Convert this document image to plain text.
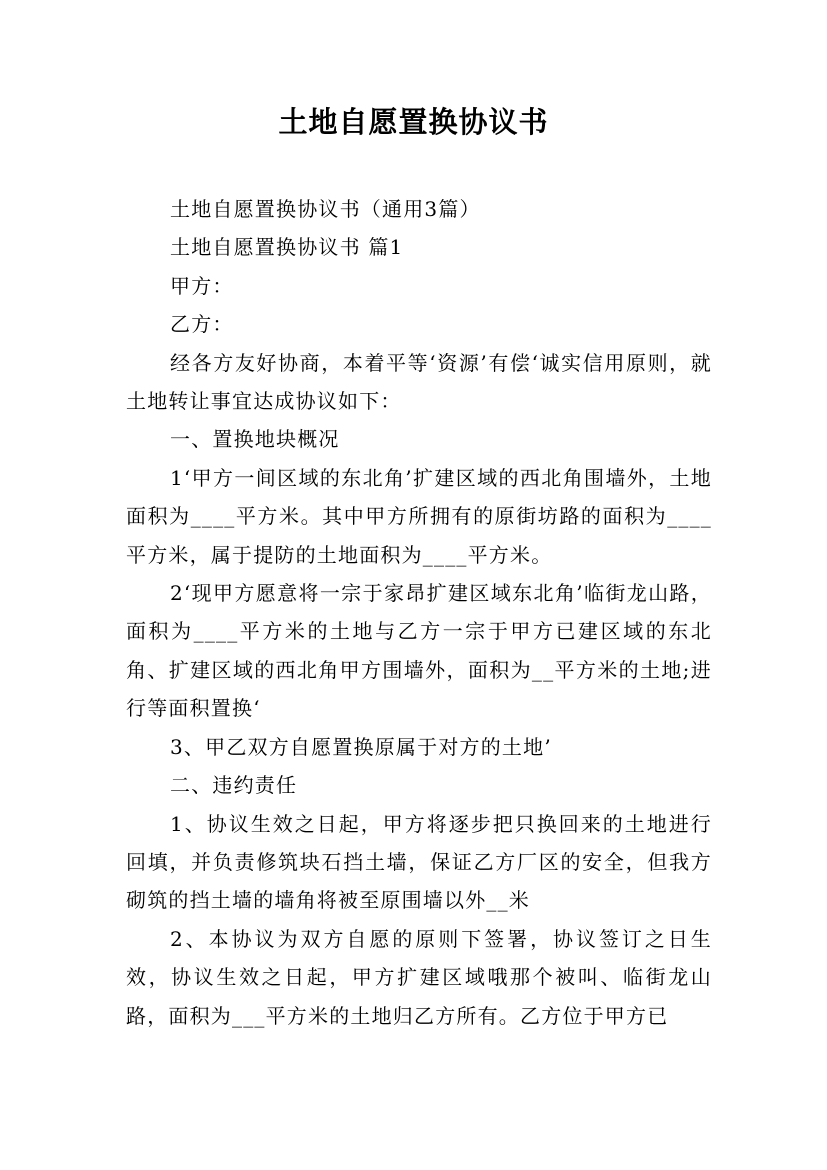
土地自愿置换协议书

土地自愿置换协议书（通用3篇）

土地自愿置换协议书 篇1

甲方：

乙方：

经各方友好协商，本着平等‘资源’有偿‘诚实信用原则，就土地转让事宜达成协议如下：

一、置换地块概况

1‘甲方一间区域的东北角’扩建区域的西北角围墙外，土地面积为____平方米。其中甲方所拥有的原街坊路的面积为____平方米，属于提防的土地面积为____平方米。

2‘现甲方愿意将一宗于家昂扩建区域东北角’临街龙山路，面积为____平方米的土地与乙方一宗于甲方已建区域的东北角、扩建区域的西北角甲方围墙外，面积为__平方米的土地;进行等面积置换‘

3、甲乙双方自愿置换原属于对方的土地’

二、违约责任

1、协议生效之日起，甲方将逐步把只换回来的土地进行回填，并负责修筑块石挡土墙，保证乙方厂区的安全，但我方砌筑的挡土墙的墙角将被至原围墙以外__米

2、本协议为双方自愿的原则下签署，协议签订之日生效，协议生效之日起，甲方扩建区域哦那个被叫、临街龙山路，面积为___平方米的土地归乙方所有。乙方位于甲方已
